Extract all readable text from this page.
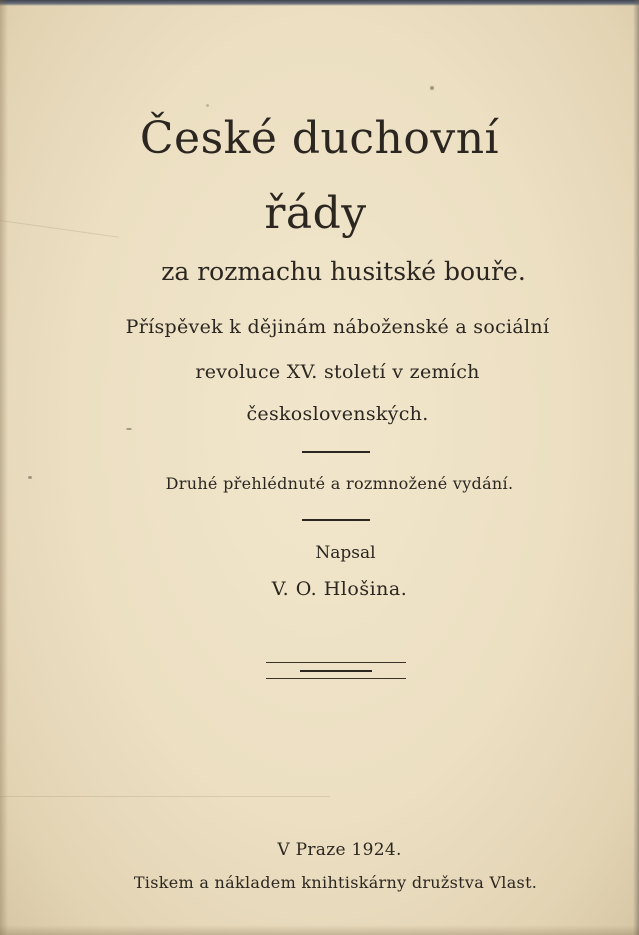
České duchovní
řády
za rozmachu husitské bouře.
Příspěvek k dějinám náboženské a sociální
revoluce XV. století v zemích
československých.
Druhé přehlédnuté a rozmnožené vydání.
Napsal
V. O. Hlošina.
V Praze 1924.
Tiskem a nákladem knihtiskárny družstva Vlast.
